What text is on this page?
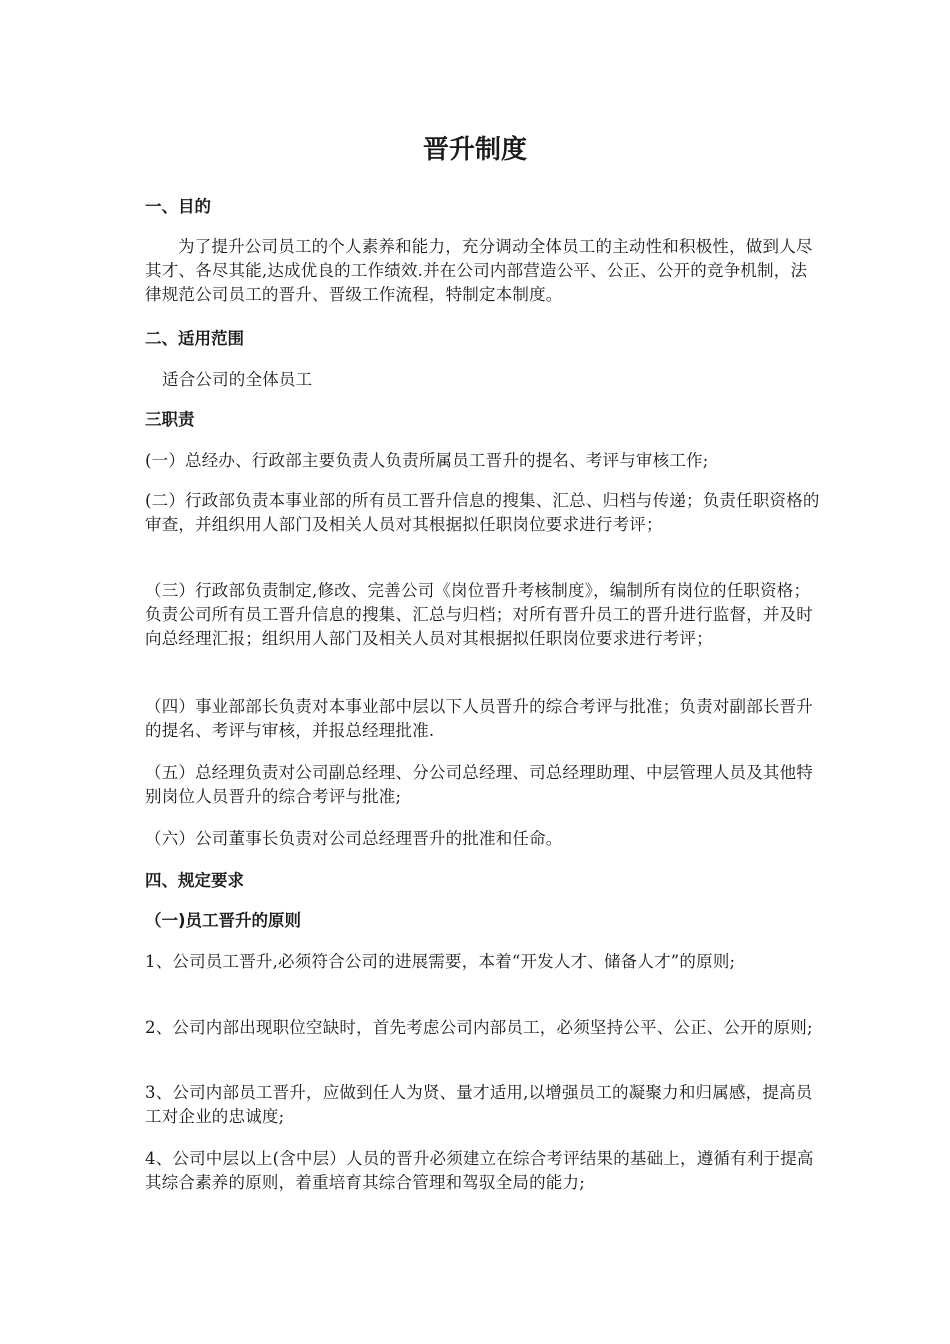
晋升制度
一、目的

为了提升公司员工的个人素养和能力，充分调动全体员工的主动性和积极性，做到人尽其才、各尽其能,达成优良的工作绩效.并在公司内部营造公平、公正、公开的竞争机制，法律规范公司员工的晋升、晋级工作流程，特制定本制度。

二、适用范围

适合公司的全体员工

三职责

(一）总经办、行政部主要负责人负责所属员工晋升的提名、考评与审核工作;

(二）行政部负责本事业部的所有员工晋升信息的搜集、汇总、归档与传递；负责任职资格的审查，并组织用人部门及相关人员对其根据拟任职岗位要求进行考评；

（三）行政部负责制定,修改、完善公司《岗位晋升考核制度》，编制所有岗位的任职资格；负责公司所有员工晋升信息的搜集、汇总与归档；对所有晋升员工的晋升进行监督，并及时向总经理汇报；组织用人部门及相关人员对其根据拟任职岗位要求进行考评；

（四）事业部部长负责对本事业部中层以下人员晋升的综合考评与批准；负责对副部长晋升的提名、考评与审核，并报总经理批准.

（五）总经理负责对公司副总经理、分公司总经理、司总经理助理、中层管理人员及其他特别岗位人员晋升的综合考评与批准;

（六）公司董事长负责对公司总经理晋升的批准和任命。

四、规定要求
（一)员工晋升的原则

1、公司员工晋升,必须符合公司的进展需要，本着“开发人才、储备人才”的原则;

2、公司内部出现职位空缺时，首先考虑公司内部员工，必须坚持公平、公正、公开的原则;

3、公司内部员工晋升，应做到任人为贤、量才适用,以增强员工的凝聚力和归属感，提高员工对企业的忠诚度;

4、公司中层以上(含中层）人员的晋升必须建立在综合考评结果的基础上，遵循有利于提高其综合素养的原则，着重培育其综合管理和驾驭全局的能力;
